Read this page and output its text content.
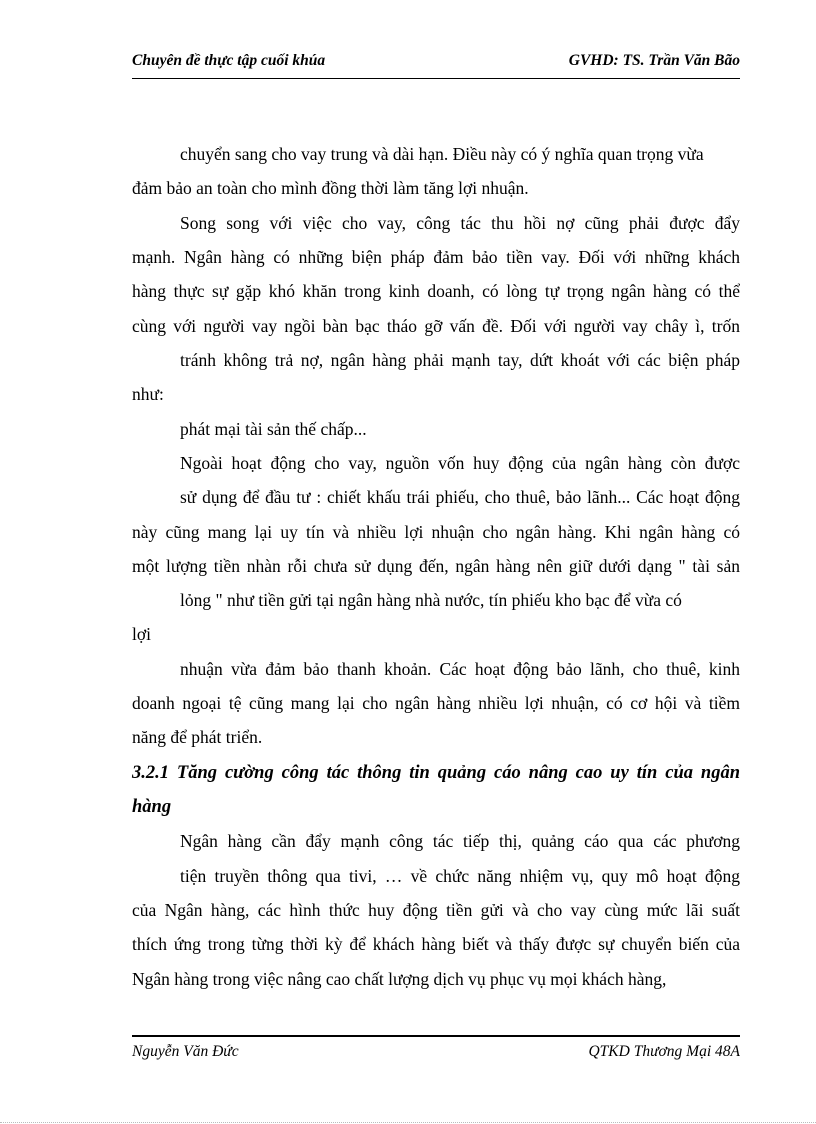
Chuyên đề thực tập cuối khúa	GVHD: TS. Trần Văn Bão
chuyển sang cho vay trung và dài hạn. Điều này có ý nghĩa quan trọng vừa
đảm bảo an toàn cho mình đồng thời làm tăng lợi nhuận.
Song song với việc cho vay, công tác thu hồi nợ cũng phải được đẩy
mạnh. Ngân hàng có những biện pháp đảm bảo tiền vay. Đối với những khách
hàng thực sự gặp khó khăn trong kinh doanh, có lòng tự trọng ngân hàng có thể
cùng với người vay ngồi bàn bạc tháo gỡ vấn đề. Đối với người vay chây ì, trốn
tránh không trả nợ, ngân hàng phải mạnh tay, dứt khoát với các biện pháp
như:
phát mại tài sản thế chấp...
Ngoài hoạt động cho vay, nguồn vốn huy động của ngân hàng còn được
sử dụng để đầu tư : chiết khấu trái phiếu, cho thuê, bảo lãnh... Các hoạt động
này cũng mang lại uy tín và nhiều lợi nhuận cho ngân hàng. Khi ngân hàng có
một lượng tiền nhàn rỗi chưa sử dụng đến, ngân hàng nên giữ dưới dạng " tài sản
lỏng " như tiền gửi tại ngân hàng nhà nước, tín phiếu kho bạc để vừa có
lợi
nhuận vừa đảm bảo thanh khoản. Các hoạt động bảo lãnh, cho thuê, kinh
doanh ngoại tệ cũng mang lại cho ngân hàng nhiều lợi nhuận, có cơ hội và tiềm
năng để phát triển.
3.2.1 Tăng cường công tác thông tin quảng cáo nâng cao uy tín của ngân
hàng
Ngân hàng cần đẩy mạnh công tác tiếp thị, quảng cáo qua các phương
tiện truyền thông qua tivi, … về chức năng nhiệm vụ, quy mô hoạt động
của Ngân hàng, các hình thức huy động tiền gửi và cho vay cùng mức lãi suất
thích ứng trong từng thời kỳ để khách hàng biết và thấy được sự chuyển biến của
Ngân hàng trong việc nâng cao chất lượng dịch vụ phục vụ mọi khách hàng,
Nguyễn Văn Đức	QTKD Thương Mại 48A
